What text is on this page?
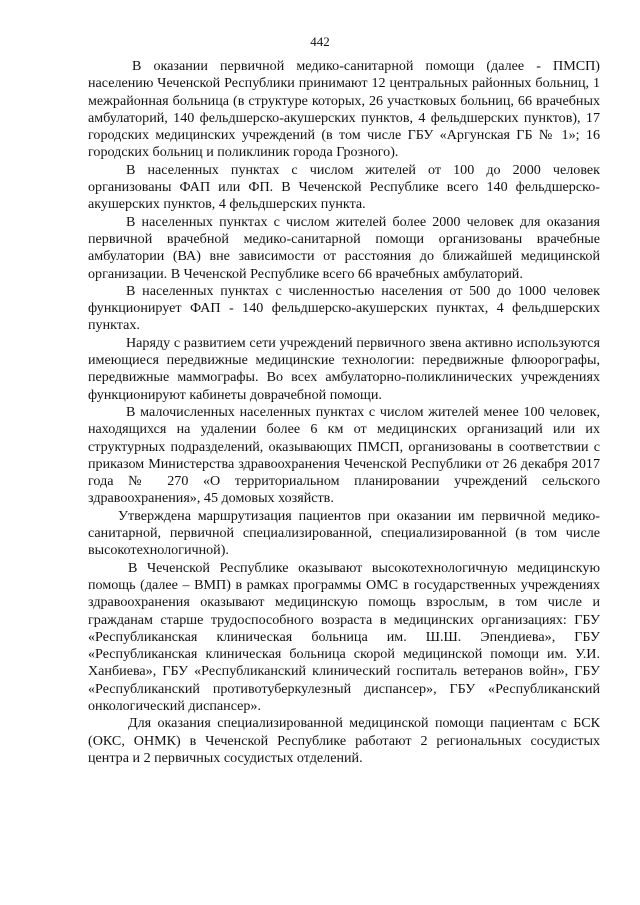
442

В оказании первичной медико-санитарной помощи (далее - ПМСП) населению Чеченской Республики принимают 12 центральных районных больниц, 1 межрайонная больница (в структуре которых, 26 участковых больниц, 66 врачебных амбулаторий, 140 фельдшерско-акушерских пунктов, 4 фельдшерских пунктов), 17 городских медицинских учреждений (в том числе ГБУ «Аргунская ГБ № 1»; 16 городских больниц и поликлиник города Грозного).

В населенных пунктах с числом жителей от 100 до 2000 человек организованы ФАП или ФП. В Чеченской Республике всего 140 фельдшерско-акушерских пунктов, 4 фельдшерских пункта.

В населенных пунктах с числом жителей более 2000 человек для оказания первичной врачебной медико-санитарной помощи организованы врачебные амбулатории (ВА) вне зависимости от расстояния до ближайшей медицинской организации. В Чеченской Республике всего 66 врачебных амбулаторий.

В населенных пунктах с численностью населения от 500 до 1000 человек функционирует ФАП - 140 фельдшерско-акушерских пунктах, 4 фельдшерских пунктах.

Наряду с развитием сети учреждений первичного звена активно используются имеющиеся передвижные медицинские технологии: передвижные флюорографы, передвижные маммографы. Во всех амбулаторно-поликлинических учреждениях функционируют кабинеты доврачебной помощи.

В малочисленных населенных пунктах с числом жителей менее 100 человек, находящихся на удалении более 6 км от медицинских организаций или их структурных подразделений, оказывающих ПМСП, организованы в соответствии с приказом Министерства здравоохранения Чеченской Республики от 26 декабря 2017 года № 270 «О территориальном планировании учреждений сельского здравоохранения», 45 домовых хозяйств.

Утверждена маршрутизация пациентов при оказании им первичной медико-санитарной, первичной специализированной, специализированной (в том числе высокотехнологичной).

В Чеченской Республике оказывают высокотехнологичную медицинскую помощь (далее – ВМП) в рамках программы ОМС в государственных учреждениях здравоохранения оказывают медицинскую помощь взрослым, в том числе и гражданам старше трудоспособного возраста в медицинских организациях: ГБУ «Республиканская клиническая больница им. Ш.Ш. Эпендиева», ГБУ «Республиканская клиническая больница скорой медицинской помощи им. У.И. Ханбиева», ГБУ «Республиканский клинический госпиталь ветеранов войн», ГБУ «Республиканский противотуберкулезный диспансер», ГБУ «Республиканский онкологический диспансер».

Для оказания специализированной медицинской помощи пациентам с БСК (ОКС, ОНМК) в Чеченской Республике работают 2 региональных сосудистых центра и 2 первичных сосудистых отделений.
